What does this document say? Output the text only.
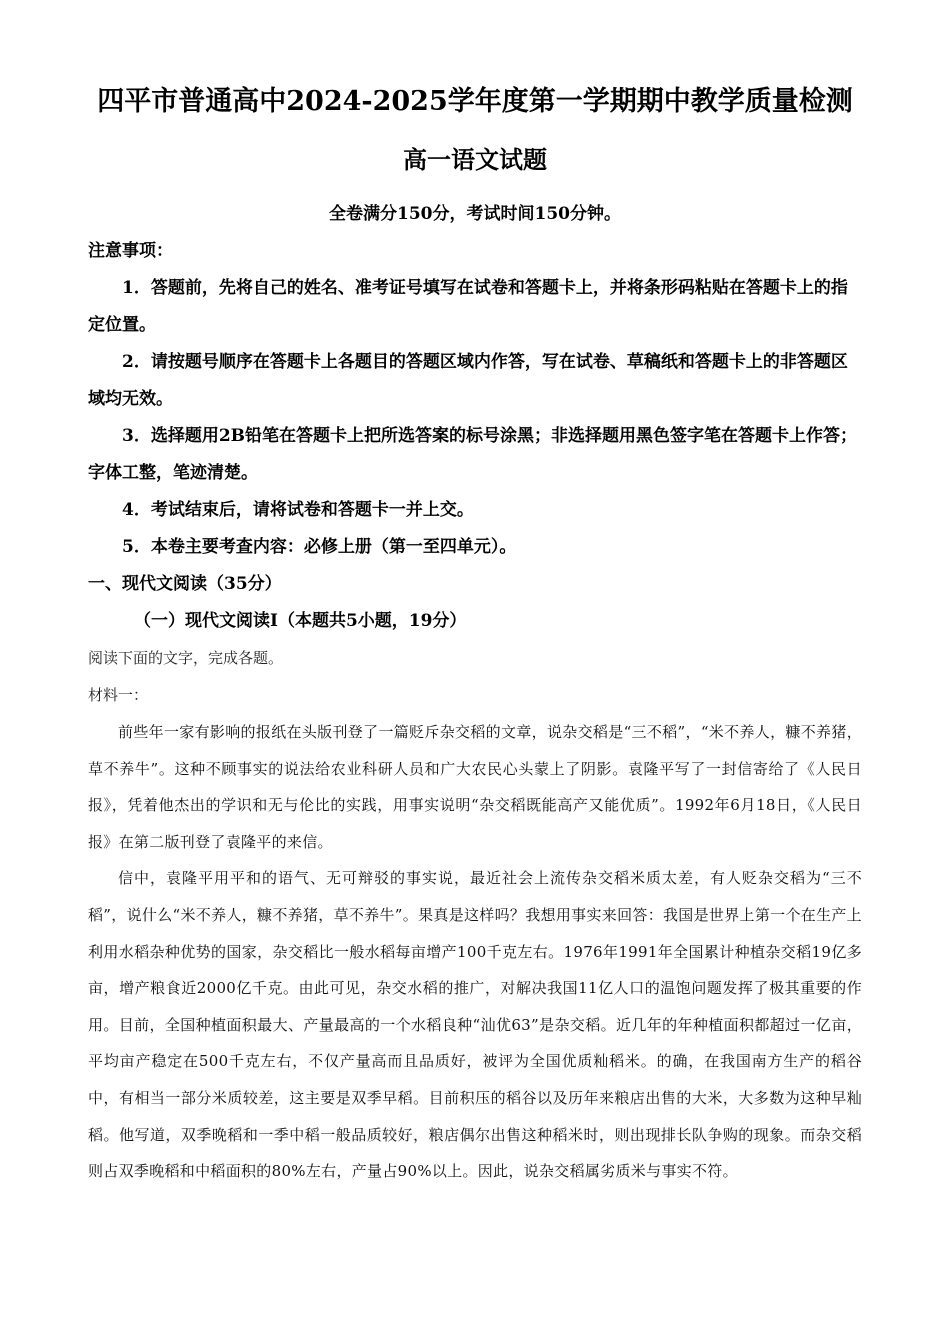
四平市普通高中2024-2025学年度第一学期期中教学质量检测
高一语文试题

全卷满分150分，考试时间150分钟。

注意事项：

1．答题前，先将自己的姓名、准考证号填写在试卷和答题卡上，并将条形码粘贴在答题卡上的指定位置。

2．请按题号顺序在答题卡上各题目的答题区域内作答，写在试卷、草稿纸和答题卡上的非答题区域均无效。

3．选择题用2B铅笔在答题卡上把所选答案的标号涂黑；非选择题用黑色签字笔在答题卡上作答；字体工整，笔迹清楚。

4．考试结束后，请将试卷和答题卡一并上交。

5．本卷主要考查内容：必修上册（第一至四单元）。

一、现代文阅读（35分）

（一）现代文阅读Ⅰ（本题共5小题，19分）

阅读下面的文字，完成各题。

材料一：

前些年一家有影响的报纸在头版刊登了一篇贬斥杂交稻的文章，说杂交稻是“三不稻”，“米不养人，糠不养猪，草不养牛”。这种不顾事实的说法给农业科研人员和广大农民心头蒙上了阴影。袁隆平写了一封信寄给了《人民日报》，凭着他杰出的学识和无与伦比的实践，用事实说明“杂交稻既能高产又能优质”。1992年6月18日，《人民日报》在第二版刊登了袁隆平的来信。

信中，袁隆平用平和的语气、无可辩驳的事实说，最近社会上流传杂交稻米质太差，有人贬杂交稻为“三不稻”，说什么“米不养人，糠不养猪，草不养牛”。果真是这样吗？我想用事实来回答：我国是世界上第一个在生产上利用水稻杂种优势的国家，杂交稻比一般水稻每亩增产100千克左右。1976年1991年全国累计种植杂交稻19亿多亩，增产粮食近2000亿千克。由此可见，杂交水稻的推广，对解决我国11亿人口的温饱问题发挥了极其重要的作用。目前，全国种植面积最大、产量最高的一个水稻良种“汕优63”是杂交稻。近几年的年种植面积都超过一亿亩，平均亩产稳定在500千克左右，不仅产量高而且品质好，被评为全国优质籼稻米。的确，在我国南方生产的稻谷中，有相当一部分米质较差，这主要是双季早稻。目前积压的稻谷以及历年来粮店出售的大米，大多数为这种早籼稻。他写道，双季晚稻和一季中稻一般品质较好，粮店偶尔出售这种稻米时，则出现排长队争购的现象。而杂交稻则占双季晚稻和中稻面积的80%左右，产量占90%以上。因此，说杂交稻属劣质米与事实不符。
